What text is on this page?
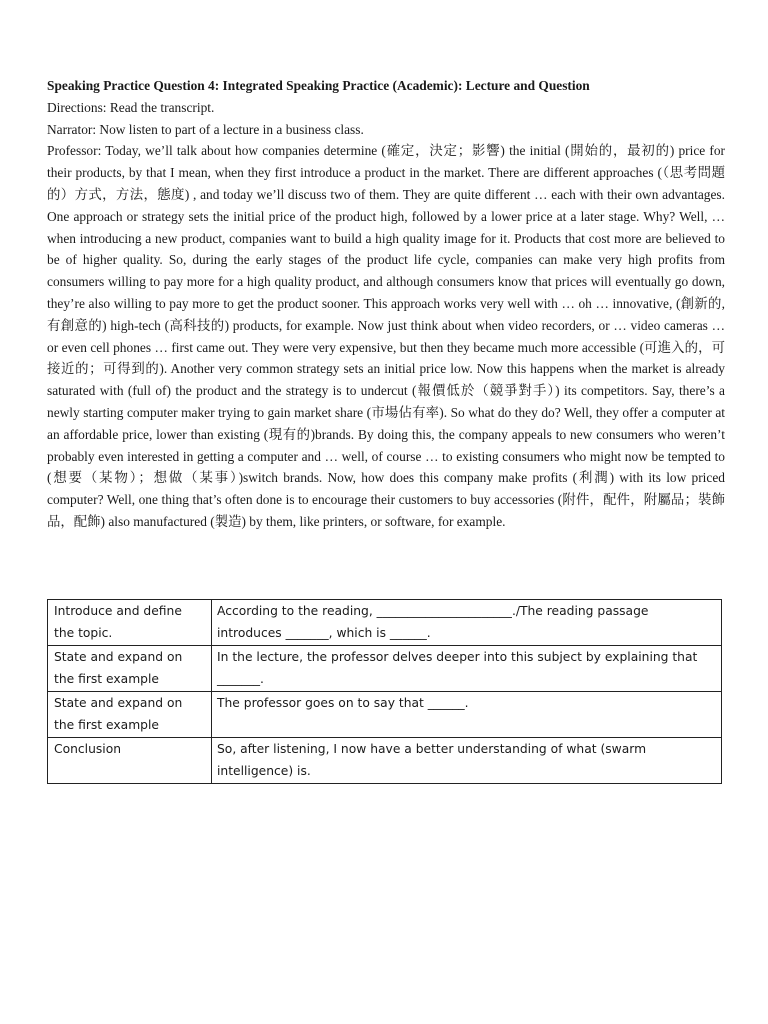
Speaking Practice Question 4: Integrated Speaking Practice (Academic): Lecture and Question

Directions: Read the transcript.

Narrator: Now listen to part of a lecture in a business class.

Professor: Today, we’ll talk about how companies determine (確定，決定；影響) the initial (開始的，最初的) price for their products, by that I mean, when they first introduce a product in the market. There are different approaches (（思考問題的）方式，方法，態度) , and today we’ll discuss two of them. They are quite different … each with their own advantages. One approach or strategy sets the initial price of the product high, followed by a lower price at a later stage. Why? Well, … when introducing a new product, companies want to build a high quality image for it. Products that cost more are believed to be of higher quality. So, during the early stages of the product life cycle, companies can make very high profits from consumers willing to pay more for a high quality product, and although consumers know that prices will eventually go down, they’re also willing to pay more to get the product sooner. This approach works very well with … oh … innovative, (創新的,有創意的) high-tech (高科技的) products, for example. Now just think about when video recorders, or … video cameras … or even cell phones … first came out. They were very expensive, but then they became much more accessible (可進入的，可接近的；可得到的). Another very common strategy sets an initial price low. Now this happens when the market is already saturated with (full of) the product and the strategy is to undercut (報價低於（競爭對手）) its competitors. Say, there’s a newly starting computer maker trying to gain market share (市場佔有率). So what do they do? Well, they offer a computer at an affordable price, lower than existing (現有的)brands. By doing this, the company appeals to new consumers who weren’t probably even interested in getting a computer and … well, of course … to existing consumers who might now be tempted to (想要（某物）；想做（某事）)switch brands. Now, how does this company make profits (利潤) with its low priced computer? Well, one thing that’s often done is to encourage their customers to buy accessories (附件，配件，附屬品；裝飾品，配飾) also manufactured (製造) by them, like printers, or software, for example.

Introduce and define the topic.	According to the reading, ______________________./The reading passage introduces _______, which is ______.
State and expand on the first example	In the lecture, the professor delves deeper into this subject by explaining that _______.
State and expand on the first example	The professor goes on to say that ______.
Conclusion	So, after listening, I now have a better understanding of what (swarm intelligence) is.
